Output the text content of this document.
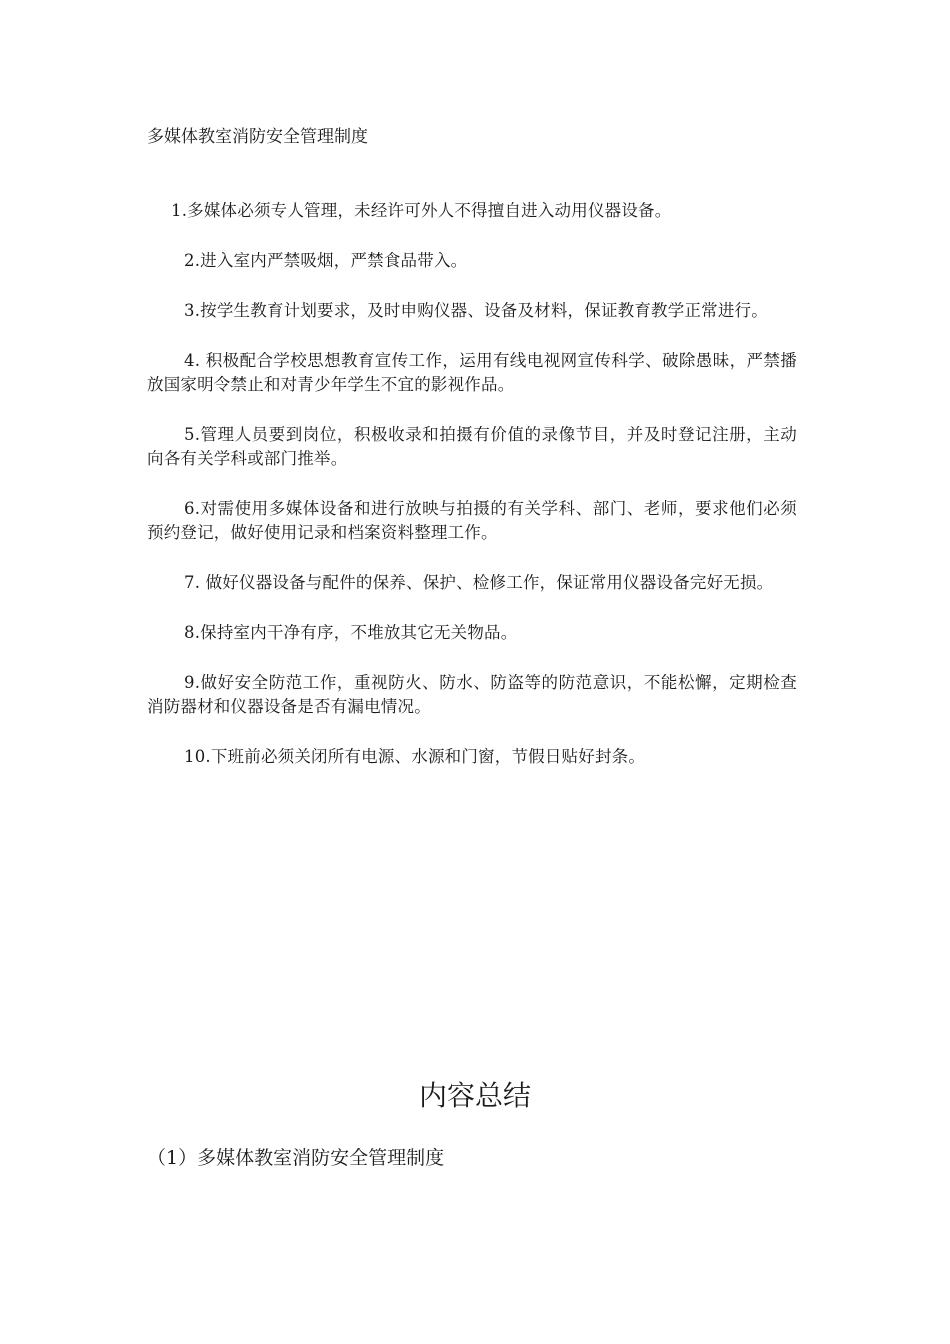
多媒体教室消防安全管理制度
1.多媒体必须专人管理，未经许可外人不得擅自进入动用仪器设备。
2.进入室内严禁吸烟，严禁食品带入。
3.按学生教育计划要求，及时申购仪器、设备及材料，保证教育教学正常进行。
4. 积极配合学校思想教育宣传工作，运用有线电视网宣传科学、破除愚昧，严禁播放国家明令禁止和对青少年学生不宜的影视作品。
5.管理人员要到岗位，积极收录和拍摄有价值的录像节目，并及时登记注册，主动向各有关学科或部门推举。
6.对需使用多媒体设备和进行放映与拍摄的有关学科、部门、老师，要求他们必须预约登记，做好使用记录和档案资料整理工作。
7. 做好仪器设备与配件的保养、保护、检修工作，保证常用仪器设备完好无损。
8.保持室内干净有序，不堆放其它无关物品。
9.做好安全防范工作，重视防火、防水、防盗等的防范意识，不能松懈，定期检查消防器材和仪器设备是否有漏电情况。
10.下班前必须关闭所有电源、水源和门窗，节假日贴好封条。
内容总结
（1）多媒体教室消防安全管理制度
